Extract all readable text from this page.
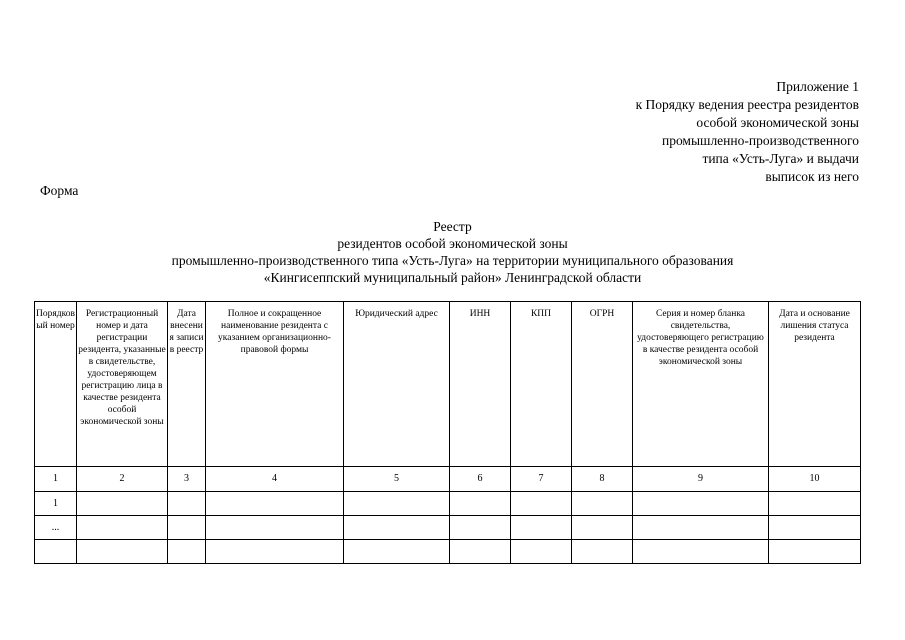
Приложение 1
к Порядку ведения реестра резидентов
особой экономической зоны
промышленно-производственного
типа «Усть-Луга» и выдачи
выписок из него
Форма
Реестр
резидентов особой экономической зоны
промышленно-производственного типа «Усть-Луга» на территории муниципального образования
«Кингисеппский муниципальный район» Ленинградской области
Порядковый номер	Регистрационный номер и дата регистрации резидента, указанные в свидетельстве, удостоверяющем регистрацию лица в качестве резидента особой экономической зоны	Дата внесения записи в реестр	Полное и сокращенное наименование резидента с указанием организационно-правовой формы	Юридический адрес	ИНН	КПП	ОГРН	Серия и номер бланка свидетельства, удостоверяющего регистрацию в качестве резидента особой экономической зоны	Дата и основание лишения статуса резидента
1	2	3	4	5	6	7	8	9	10
1									
...									
